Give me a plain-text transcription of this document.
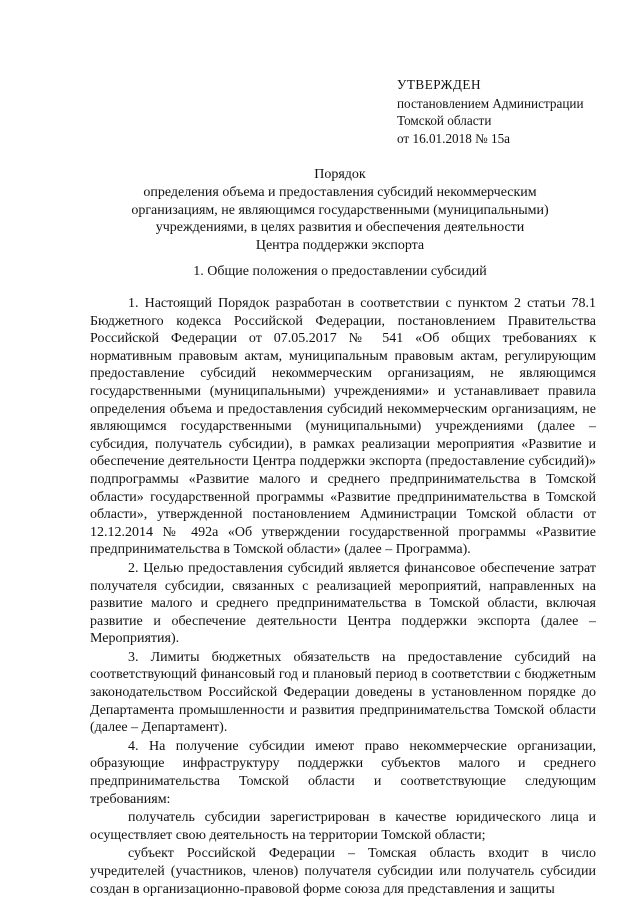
УТВЕРЖДЕН
постановлением Администрации
Томской области
от 16.01.2018 № 15а
Порядок
определения объема и предоставления субсидий некоммерческим
организациям, не являющимся государственными (муниципальными)
учреждениями, в целях развития и обеспечения деятельности
Центра поддержки экспорта
1. Общие положения о предоставлении субсидий

1. Настоящий Порядок разработан в соответствии с пунктом 2 статьи 78.1 Бюджетного кодекса Российской Федерации, постановлением Правительства Российской Федерации от 07.05.2017 № 541 «Об общих требованиях к нормативным правовым актам, муниципальным правовым актам, регулирующим предоставление субсидий некоммерческим организациям, не являющимся государственными (муниципальными) учреждениями» и устанавливает правила определения объема и предоставления субсидий некоммерческим организациям, не являющимся государственными (муниципальными) учреждениями (далее – субсидия, получатель субсидии), в рамках реализации мероприятия «Развитие и обеспечение деятельности Центра поддержки экспорта (предоставление субсидий)» подпрограммы «Развитие малого и среднего предпринимательства в Томской области» государственной программы «Развитие предпринимательства в Томской области», утвержденной постановлением Администрации Томской области от 12.12.2014 № 492а «Об утверждении государственной программы «Развитие предпринимательства в Томской области» (далее – Программа).

2. Целью предоставления субсидий является финансовое обеспечение затрат получателя субсидии, связанных с реализацией мероприятий, направленных на развитие малого и среднего предпринимательства в Томской области, включая развитие и обеспечение деятельности Центра поддержки экспорта (далее – Мероприятия).

3. Лимиты бюджетных обязательств на предоставление субсидий на соответствующий финансовый год и плановый период в соответствии с бюджетным законодательством Российской Федерации доведены в установленном порядке до Департамента промышленности и развития предпринимательства Томской области (далее – Департамент).

4. На получение субсидии имеют право некоммерческие организации, образующие инфраструктуру поддержки субъектов малого и среднего предпринимательства Томской области и соответствующие следующим требованиям:

получатель субсидии зарегистрирован в качестве юридического лица и осуществляет свою деятельность на территории Томской области;

субъект Российской Федерации – Томская область входит в число учредителей (участников, членов) получателя субсидии или получатель субсидии создан в организационно-правовой форме союза для представления и защиты
